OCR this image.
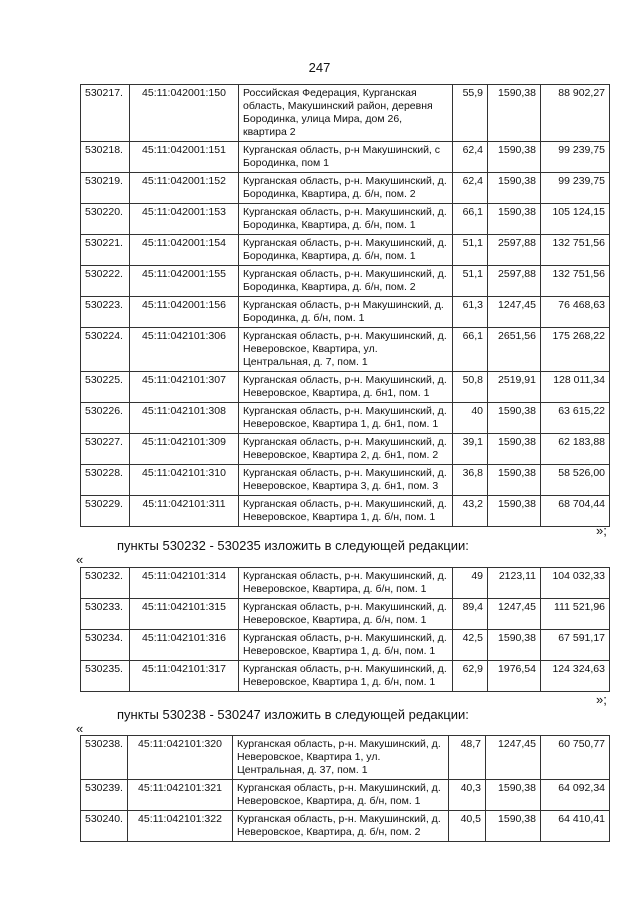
247
530217.	45:11:042001:150	Российская Федерация, Курганская область, Макушинский район, деревня Бородинка, улица Мира, дом 26, квартира 2	55,9	1590,38	88 902,27
530218.	45:11:042001:151	Курганская область, р-н Макушинский, с Бородинка, пом 1	62,4	1590,38	99 239,75
530219.	45:11:042001:152	Курганская область, р-н. Макушинский, д. Бородинка, Квартира, д. б/н, пом. 2	62,4	1590,38	99 239,75
530220.	45:11:042001:153	Курганская область, р-н. Макушинский, д. Бородинка, Квартира, д. б/н, пом. 1	66,1	1590,38	105 124,15
530221.	45:11:042001:154	Курганская область, р-н. Макушинский, д. Бородинка, Квартира, д. б/н, пом. 1	51,1	2597,88	132 751,56
530222.	45:11:042001:155	Курганская область, р-н. Макушинский, д. Бородинка, Квартира, д. б/н, пом. 2	51,1	2597,88	132 751,56
530223.	45:11:042001:156	Курганская область, р-н Макушинский, д. Бородинка, д. б/н, пом. 1	61,3	1247,45	76 468,63
530224.	45:11:042101:306	Курганская область, р-н. Макушинский, д. Неверовское, Квартира, ул. Центральная, д. 7, пом. 1	66,1	2651,56	175 268,22
530225.	45:11:042101:307	Курганская область, р-н. Макушинский, д. Неверовское, Квартира, д. бн1, пом. 1	50,8	2519,91	128 011,34
530226.	45:11:042101:308	Курганская область, р-н. Макушинский, д. Неверовское, Квартира 1, д. бн1, пом. 1	40	1590,38	63 615,22
530227.	45:11:042101:309	Курганская область, р-н. Макушинский, д. Неверовское, Квартира 2, д. бн1, пом. 2	39,1	1590,38	62 183,88
530228.	45:11:042101:310	Курганская область, р-н. Макушинский, д. Неверовское, Квартира 3, д. бн1, пом. 3	36,8	1590,38	58 526,00
530229.	45:11:042101:311	Курганская область, р-н. Макушинский, д. Неверовское, Квартира 1, д. б/н, пом. 1	43,2	1590,38	68 704,44
»;
пункты 530232 - 530235 изложить в следующей редакции:
«
530232.	45:11:042101:314	Курганская область, р-н. Макушинский, д. Неверовское, Квартира, д. б/н, пом. 1	49	2123,11	104 032,33
530233.	45:11:042101:315	Курганская область, р-н. Макушинский, д. Неверовское, Квартира, д. б/н, пом. 1	89,4	1247,45	111 521,96
530234.	45:11:042101:316	Курганская область, р-н. Макушинский, д. Неверовское, Квартира 1, д. б/н, пом. 1	42,5	1590,38	67 591,17
530235.	45:11:042101:317	Курганская область, р-н. Макушинский, д. Неверовское, Квартира 1, д. б/н, пом. 1	62,9	1976,54	124 324,63
»;
пункты 530238 - 530247 изложить в следующей редакции:
«
530238.	45:11:042101:320	Курганская область, р-н. Макушинский, д. Неверовское, Квартира 1, ул. Центральная, д. 37, пом. 1	48,7	1247,45	60 750,77
530239.	45:11:042101:321	Курганская область, р-н. Макушинский, д. Неверовское, Квартира, д. б/н, пом. 1	40,3	1590,38	64 092,34
530240.	45:11:042101:322	Курганская область, р-н. Макушинский, д. Неверовское, Квартира, д. б/н, пом. 2	40,5	1590,38	64 410,41
